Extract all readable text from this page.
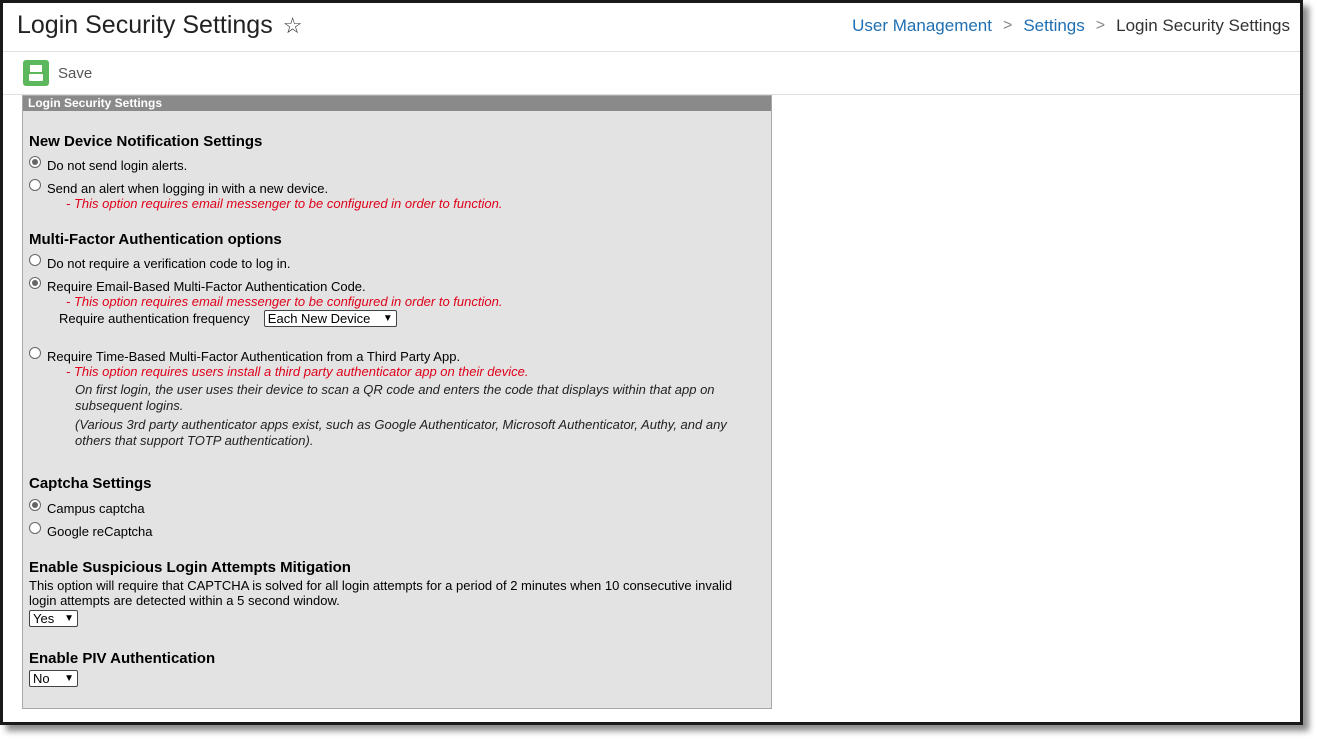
Login Security Settings ☆	User Management > Settings > Login Security Settings
Save
Login Security Settings
New Device Notification Settings
Do not send login alerts.
Send an alert when logging in with a new device.
- This option requires email messenger to be configured in order to function.
Multi-Factor Authentication options
Do not require a verification code to log in.
Require Email-Based Multi-Factor Authentication Code.
- This option requires email messenger to be configured in order to function.
Require authentication frequency Each New Device ▼
Require Time-Based Multi-Factor Authentication from a Third Party App.
- This option requires users install a third party authenticator app on their device.
On first login, the user uses their device to scan a QR code and enters the code that displays within that app on subsequent logins.
(Various 3rd party authenticator apps exist, such as Google Authenticator, Microsoft Authenticator, Authy, and any others that support TOTP authentication).
Captcha Settings
Campus captcha
Google reCaptcha
Enable Suspicious Login Attempts Mitigation
This option will require that CAPTCHA is solved for all login attempts for a period of 2 minutes when 10 consecutive invalid login attempts are detected within a 5 second window.
Yes ▼
Enable PIV Authentication
No ▼
